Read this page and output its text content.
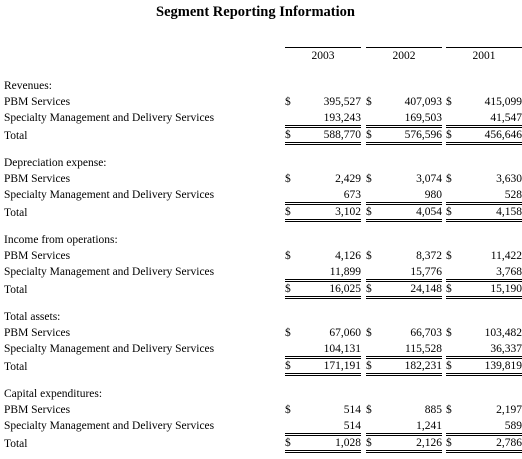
Segment Reporting Information
2003	2002	2001
Revenues:
PBM Services	$	395,527 $	407,093 $	415,099
Specialty Management and Delivery Services	193,243	169,503	41,547
Total	$	588,770 $	576,596 $	456,646
Depreciation expense:
PBM Services	$	2,429 $	3,074 $	3,630
Specialty Management and Delivery Services	673	980	528
Total	$	3,102 $	4,054 $	4,158
Income from operations:
PBM Services	$	4,126 $	8,372 $	11,422
Specialty Management and Delivery Services	11,899	15,776	3,768
Total	$	16,025 $	24,148 $	15,190
Total assets:
PBM Services	$	67,060 $	66,703 $	103,482
Specialty Management and Delivery Services	104,131	115,528	36,337
Total	$	171,191 $	182,231 $	139,819
Capital expenditures:
PBM Services	$	514 $	885 $	2,197
Specialty Management and Delivery Services	514	1,241	589
Total	$	1,028 $	2,126 $	2,786
